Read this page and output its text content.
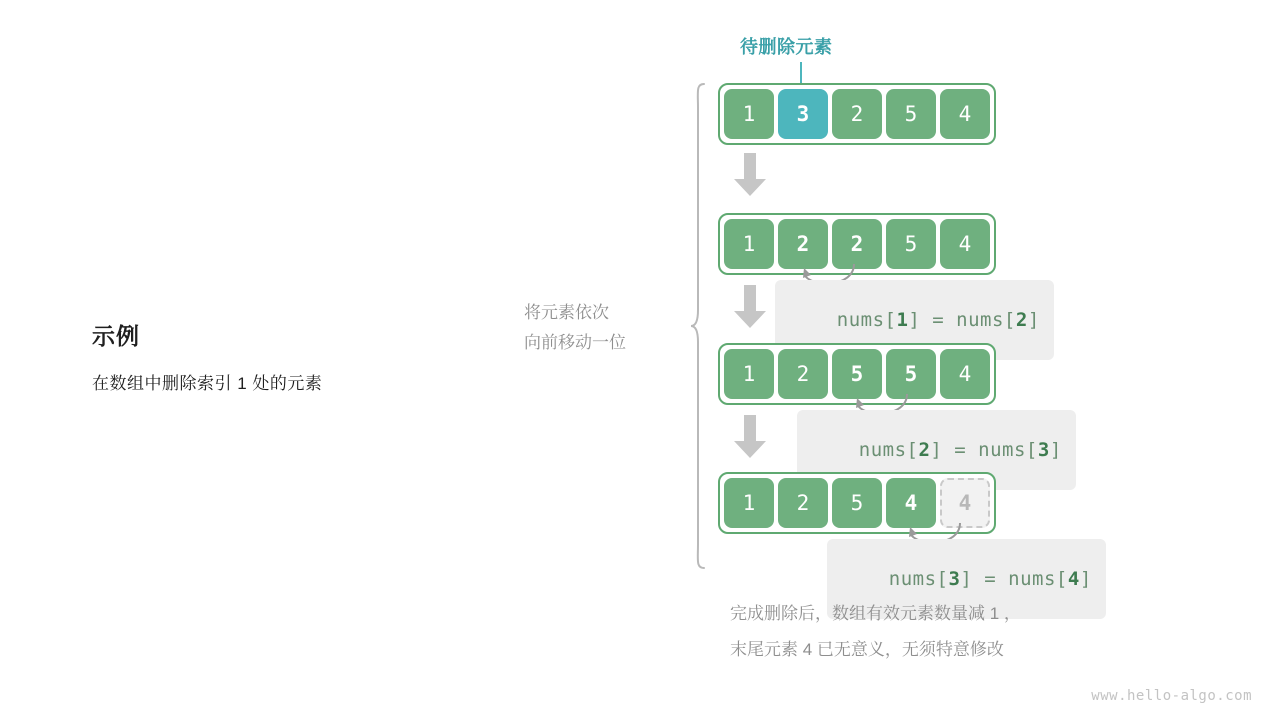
示例
在数组中删除索引 1 处的元素
将元素依次
向前移动一位
待删除元素
1	3	2	5	4
1	2	2	5	4

nums[1] = nums[2]

1	2	5	5	4

nums[2] = nums[3]

1	2	5	4	4

nums[3] = nums[4]

完成删除后，数组有效元素数量减 1 ，
末尾元素 4 已无意义，无须特意修改
www.hello-algo.com
